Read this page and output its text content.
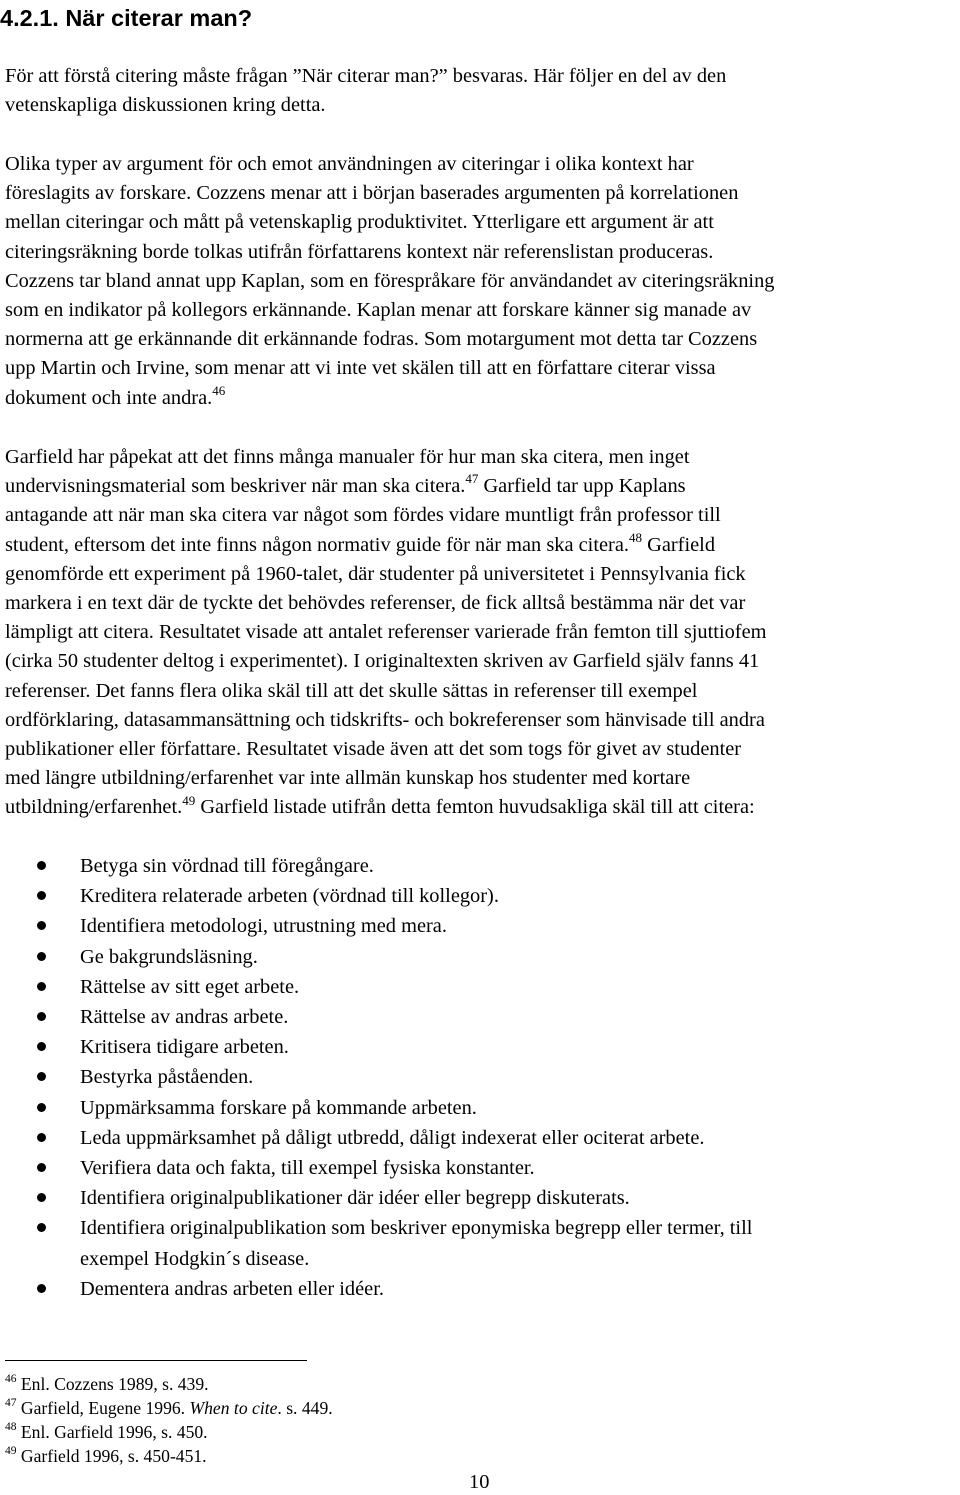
4.2.1. När citerar man?

För att förstå citering måste frågan ”När citerar man?” besvaras. Här följer en del av den
vetenskapliga diskussionen kring detta.

Olika typer av argument för och emot användningen av citeringar i olika kontext har
föreslagits av forskare. Cozzens menar att i början baserades argumenten på korrelationen
mellan citeringar och mått på vetenskaplig produktivitet. Ytterligare ett argument är att
citeringsräkning borde tolkas utifrån författarens kontext när referenslistan produceras.
Cozzens tar bland annat upp Kaplan, som en förespråkare för användandet av citeringsräkning
som en indikator på kollegors erkännande. Kaplan menar att forskare känner sig manade av
normerna att ge erkännande dit erkännande fodras. Som motargument mot detta tar Cozzens
upp Martin och Irvine, som menar att vi inte vet skälen till att en författare citerar vissa
dokument och inte andra.$^{46}$

Garfield har påpekat att det finns många manualer för hur man ska citera, men inget
undervisningsmaterial som beskriver när man ska citera.$^{47}$ Garfield tar upp Kaplans
antagande att när man ska citera var något som fördes vidare muntligt från professor till
student, eftersom det inte finns någon normativ guide för när man ska citera.$^{48}$ Garfield
genomförde ett experiment på 1960-talet, där studenter på universitetet i Pennsylvania fick
markera i en text där de tyckte det behövdes referenser, de fick alltså bestämma när det var
lämpligt att citera. Resultatet visade att antalet referenser varierade från femton till sjuttiofem
(cirka 50 studenter deltog i experimentet). I originaltexten skriven av Garfield själv fanns 41
referenser. Det fanns flera olika skäl till att det skulle sättas in referenser till exempel
ordförklaring, datasammansättning och tidskrifts- och bokreferenser som hänvisade till andra
publikationer eller författare. Resultatet visade även att det som togs för givet av studenter
med längre utbildning/erfarenhet var inte allmän kunskap hos studenter med kortare
utbildning/erfarenhet.$^{49}$ Garfield listade utifrån detta femton huvudsakliga skäl till att citera:

Betyga sin vördnad till föregångare.
Kreditera relaterade arbeten (vördnad till kollegor).
Identifiera metodologi, utrustning med mera.
Ge bakgrundsläsning.
Rättelse av sitt eget arbete.
Rättelse av andras arbete.
Kritisera tidigare arbeten.
Bestyrka påståenden.
Uppmärksamma forskare på kommande arbeten.
Leda uppmärksamhet på dåligt utbredd, dåligt indexerat eller ociterat arbete.
Verifiera data och fakta, till exempel fysiska konstanter.
Identifiera originalpublikationer där idéer eller begrepp diskuterats.
Identifiera originalpublikation som beskriver eponymiska begrepp eller termer, till
exempel Hodgkin´s disease.
Dementera andras arbeten eller idéer.
$^{46}$ Enl. Cozzens 1989, s. 439.
$^{47}$ Garfield, Eugene 1996. When to cite. s. 449.
$^{48}$ Enl. Garfield 1996, s. 450.
$^{49}$ Garfield 1996, s. 450-451.
10
